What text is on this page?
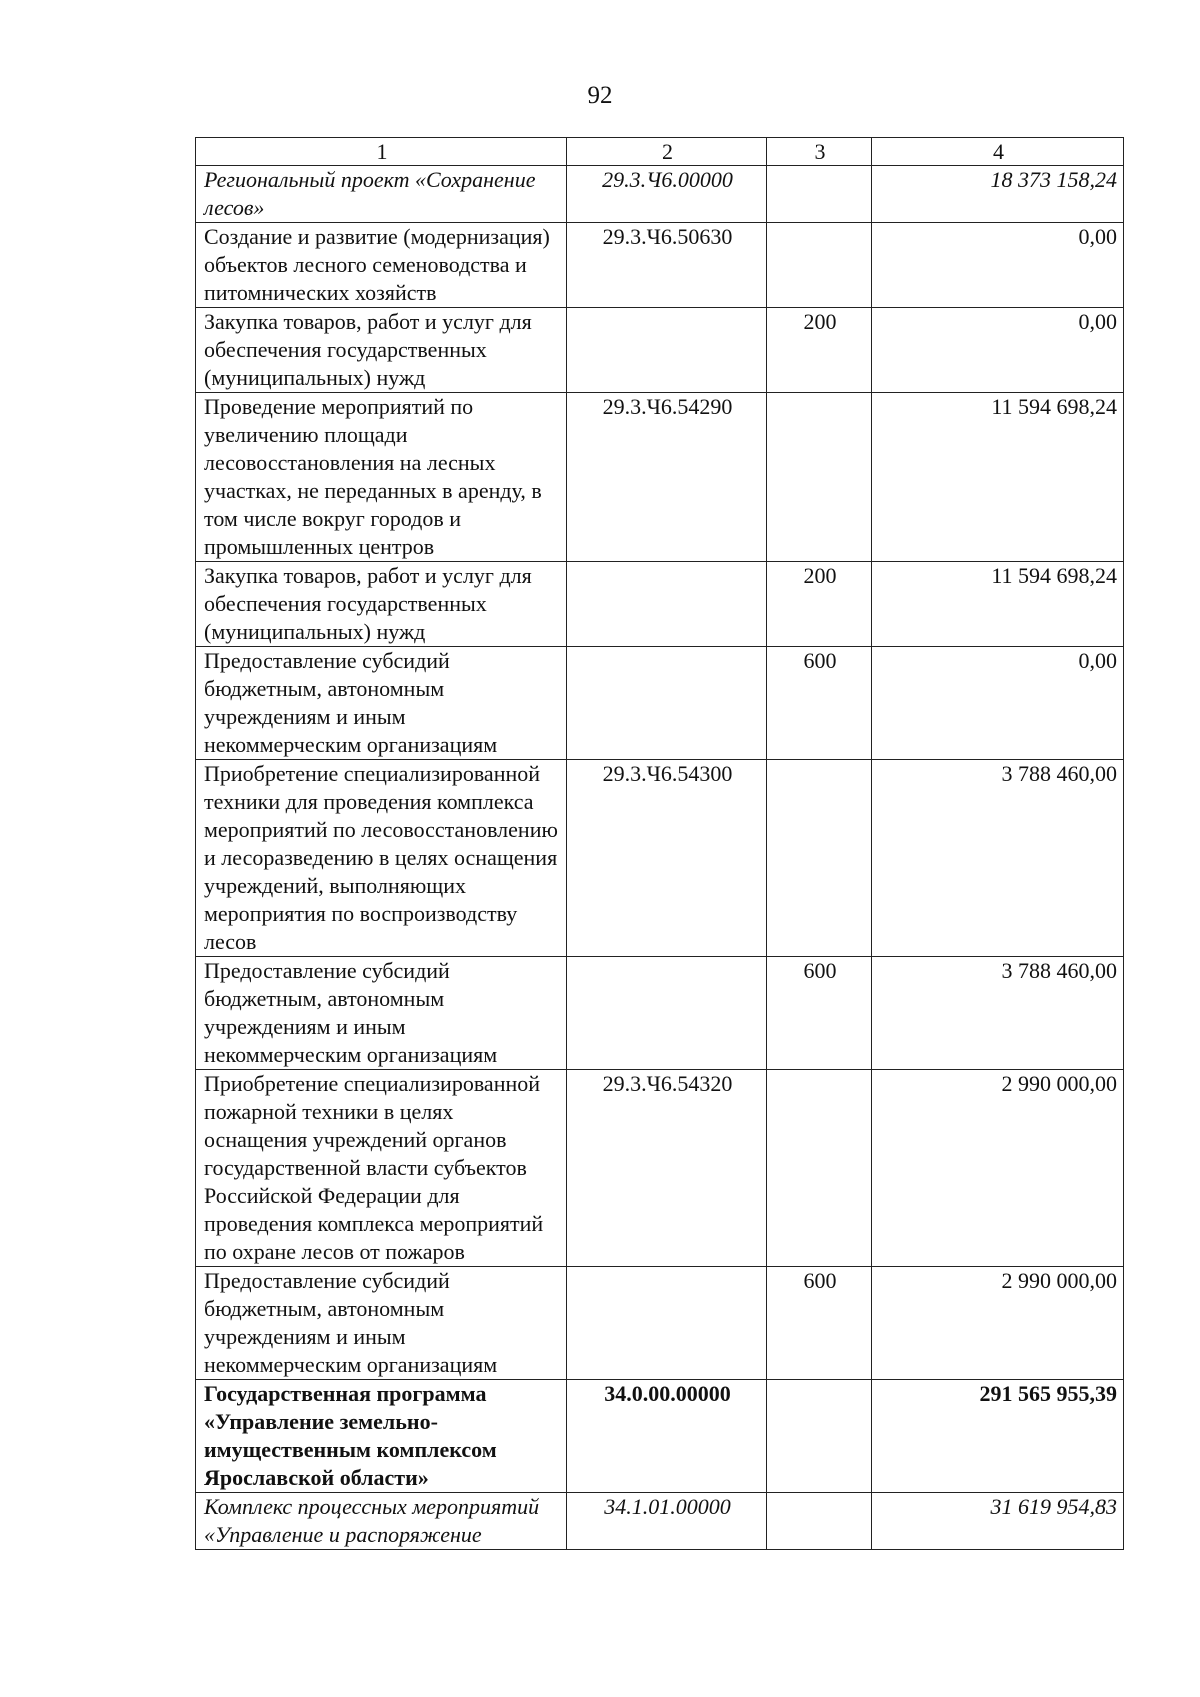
92
1	2	3	4
Региональный проект «Сохранение лесов»	29.3.Ч6.00000		18 373 158,24
Создание и развитие (модернизация) объектов лесного семеноводства и питомнических хозяйств	29.3.Ч6.50630		0,00
Закупка товаров, работ и услуг для обеспечения государственных (муниципальных) нужд		200	0,00
Проведение мероприятий по увеличению площади лесовосстановления на лесных участках, не переданных в аренду, в том числе вокруг городов и промышленных центров	29.3.Ч6.54290		11 594 698,24
Закупка товаров, работ и услуг для обеспечения государственных (муниципальных) нужд		200	11 594 698,24
Предоставление субсидий бюджетным, автономным учреждениям и иным некоммерческим организациям		600	0,00
Приобретение специализированной техники для проведения комплекса мероприятий по лесовосстановлению и лесоразведению в целях оснащения учреждений, выполняющих мероприятия по воспроизводству лесов	29.3.Ч6.54300		3 788 460,00
Предоставление субсидий бюджетным, автономным учреждениям и иным некоммерческим организациям		600	3 788 460,00
Приобретение специализированной пожарной техники в целях оснащения учреждений органов государственной власти субъектов Российской Федерации для проведения комплекса мероприятий по охране лесов от пожаров	29.3.Ч6.54320		2 990 000,00
Предоставление субсидий бюджетным, автономным учреждениям и иным некоммерческим организациям		600	2 990 000,00
Государственная программа «Управление земельно-имущественным комплексом Ярославской области»	34.0.00.00000		291 565 955,39
Комплекс процессных мероприятий «Управление и распоряжение	34.1.01.00000		31 619 954,83
